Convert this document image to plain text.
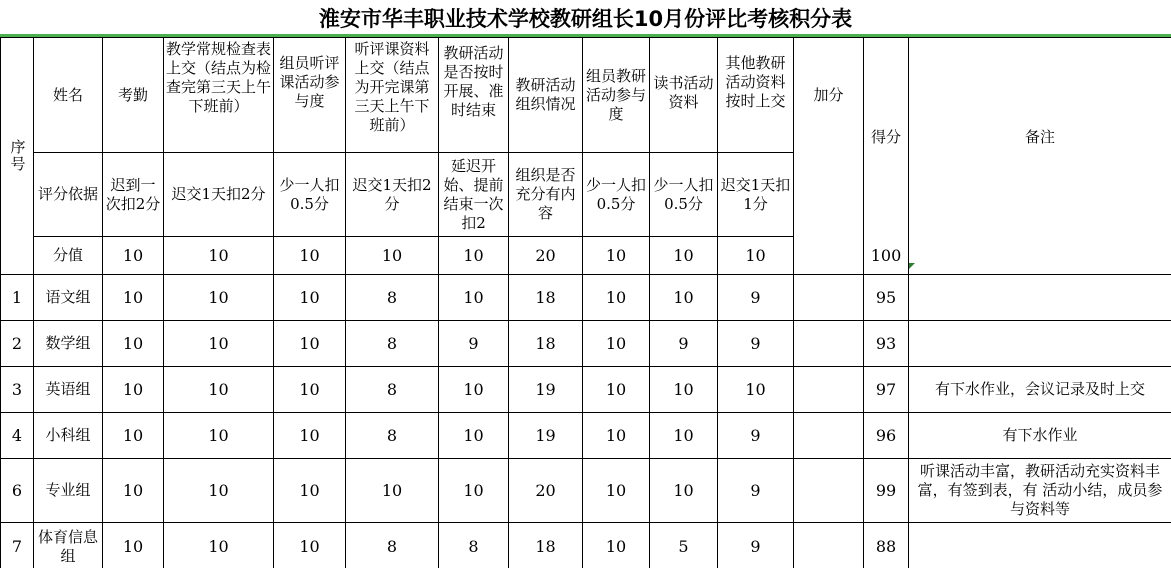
淮安市华丰职业技术学校教研组长10月份评比考核积分表
序号	姓名	考勤	教学常规检查表上交（结点为检查完第三天上午下班前）	组员听评课活动参与度	听评课资料上交（结点为开完课第三天上午下班前）	教研活动是否按时开展、准时结束	教研活动组织情况	组员教研活动参与度	读书活动资料	其他教研活动资料按时上交	加分	得分	备注
	评分依据	迟到一次扣2分	迟交1天扣2分	少一人扣0.5分	迟交1天扣2分	延迟开始、提前结束一次扣2	组织是否充分有内容	少一人扣0.5分	少一人扣0.5分	迟交1天扣1分			
	分值	10	10	10	10	10	20	10	10	10		100	
1	语文组	10	10	10	8	10	18	10	10	9		95	
2	数学组	10	10	10	8	9	18	10	9	9		93	
3	英语组	10	10	10	8	10	19	10	10	10		97	有下水作业，会议记录及时上交
4	小科组	10	10	10	8	10	19	10	10	9		96	有下水作业
6	专业组	10	10	10	10	10	20	10	10	9		99	听课活动丰富，教研活动充实资料丰富，有签到表，有 活动小结，成员参与资料等
7	体育信息组	10	10	10	8	8	18	10	5	9		88	
